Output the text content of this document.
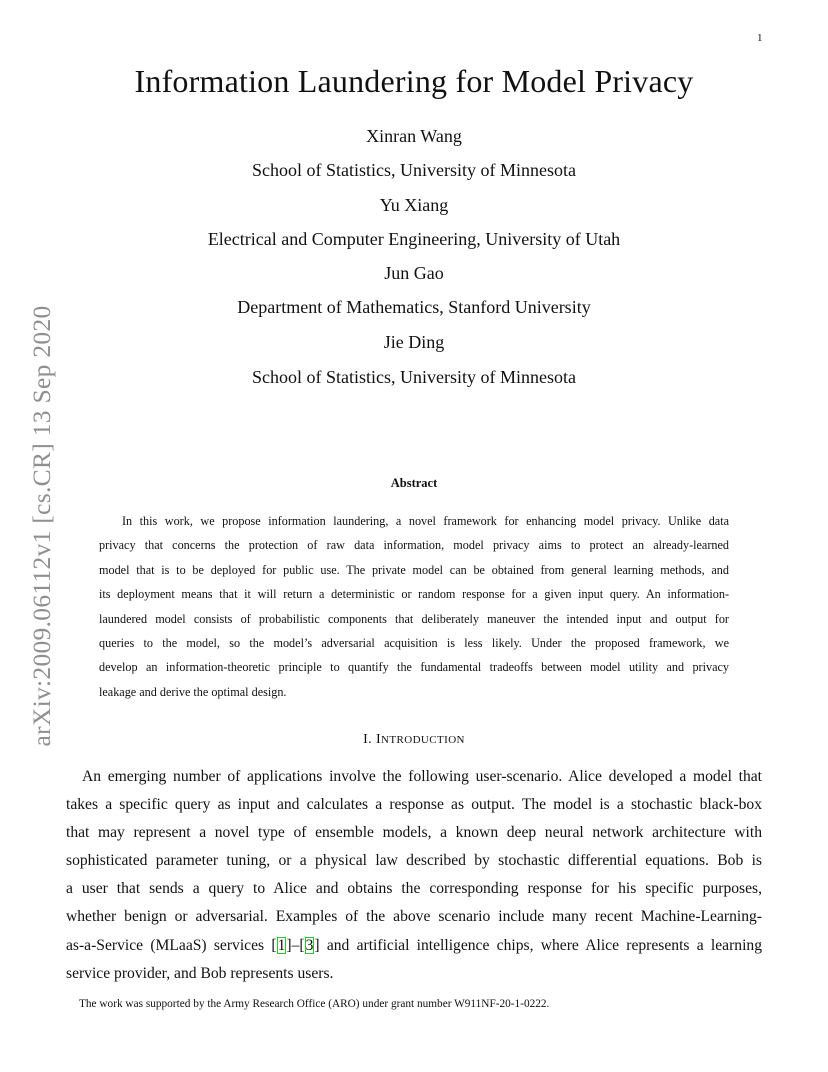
1
arXiv:2009.06112v1 [cs.CR] 13 Sep 2020
Information Laundering for Model Privacy
Xinran Wang
School of Statistics, University of Minnesota
Yu Xiang
Electrical and Computer Engineering, University of Utah
Jun Gao
Department of Mathematics, Stanford University
Jie Ding
School of Statistics, University of Minnesota
Abstract
In this work, we propose information laundering, a novel framework for enhancing model privacy. Unlike data
privacy that concerns the protection of raw data information, model privacy aims to protect an already-learned
model that is to be deployed for public use. The private model can be obtained from general learning methods, and
its deployment means that it will return a deterministic or random response for a given input query. An information-
laundered model consists of probabilistic components that deliberately maneuver the intended input and output for
queries to the model, so the model’s adversarial acquisition is less likely. Under the proposed framework, we
develop an information-theoretic principle to quantify the fundamental tradeoffs between model utility and privacy
leakage and derive the optimal design.
I. INTRODUCTION
An emerging number of applications involve the following user-scenario. Alice developed a model that
takes a specific query as input and calculates a response as output. The model is a stochastic black-box
that may represent a novel type of ensemble models, a known deep neural network architecture with
sophisticated parameter tuning, or a physical law described by stochastic differential equations. Bob is
a user that sends a query to Alice and obtains the corresponding response for his specific purposes,
whether benign or adversarial. Examples of the above scenario include many recent Machine-Learning-
as-a-Service (MLaaS) services [1]–[3] and artificial intelligence chips, where Alice represents a learning
service provider, and Bob represents users.
The work was supported by the Army Research Office (ARO) under grant number W911NF-20-1-0222.
